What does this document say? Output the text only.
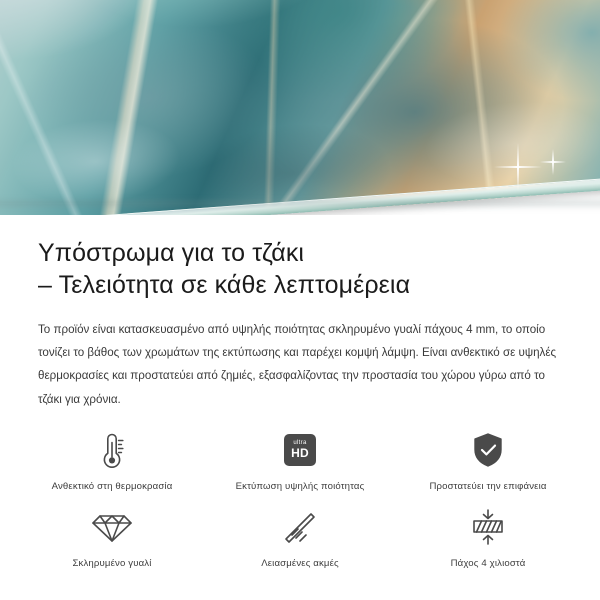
Υπόστρωμα για το τζάκι
– Τελειότητα σε κάθε λεπτομέρεια

Το προϊόν είναι κατασκευασμένο από υψηλής ποιότητας σκληρυμένο γυαλί πάχους 4 mm, το οποίο τονίζει το βάθος των χρωμάτων της εκτύπωσης και παρέχει κομψή λάμψη. Είναι ανθεκτικό σε υψηλές θερμοκρασίες και προστατεύει από ζημιές, εξασφαλίζοντας την προστασία του χώρου γύρω από το τζάκι για χρόνια.

Ανθεκτικό στη θερμοκρασία
ultra
HD
Εκτύπωση υψηλής ποιότητας	Προστατεύει την επιφάνεια
Σκληρυμένο γυαλί	Λειασμένες ακμές	Πάχος 4 χιλιοστά
